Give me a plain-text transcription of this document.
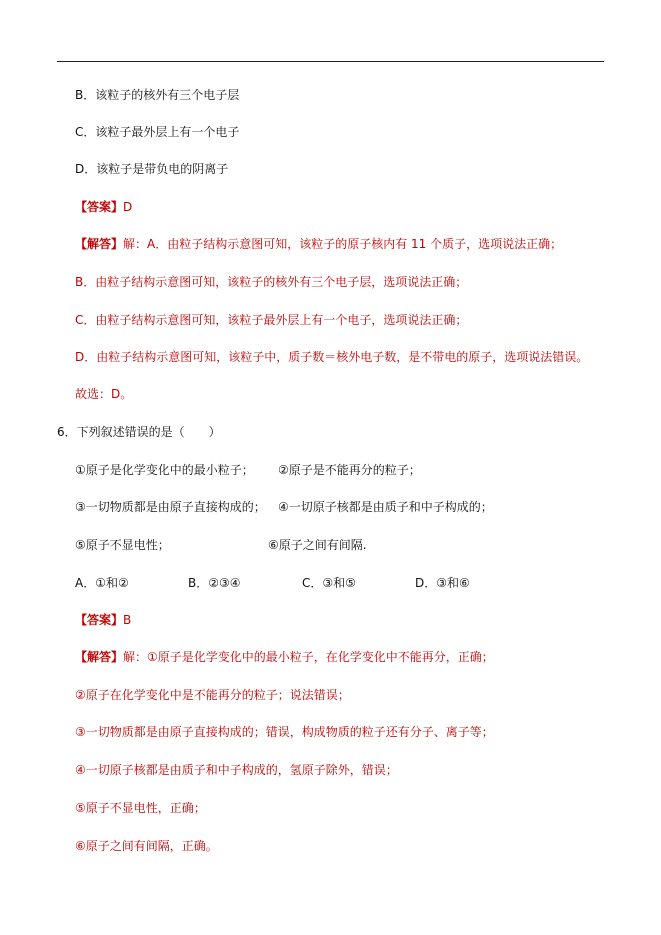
B．该粒子的核外有三个电子层
C．该粒子最外层上有一个电子
D．该粒子是带负电的阴离子
【答案】D
【解答】解：A．由粒子结构示意图可知，该粒子的原子核内有 11 个质子，选项说法正确；
B．由粒子结构示意图可知，该粒子的核外有三个电子层，选项说法正确；
C．由粒子结构示意图可知，该粒子最外层上有一个电子，选项说法正确；
D．由粒子结构示意图可知，该粒子中，质子数＝核外电子数，是不带电的原子，选项说法错误。
故选：D。
6．下列叙述错误的是（　　）
①原子是化学变化中的最小粒子； ②原子是不能再分的粒子；
③一切物质都是由原子直接构成的； ④一切原子核都是由质子和中子构成的；
⑤原子不显电性；	⑥原子之间有间隔.
A．①和②	B．②③④	C．③和⑤	D．③和⑥
【答案】B
【解答】解：①原子是化学变化中的最小粒子，在化学变化中不能再分，正确；
②原子在化学变化中是不能再分的粒子；说法错误；
③一切物质都是由原子直接构成的；错误，构成物质的粒子还有分子、离子等；
④一切原子核都是由质子和中子构成的，氢原子除外，错误；
⑤原子不显电性，正确；
⑥原子之间有间隔，正确。
